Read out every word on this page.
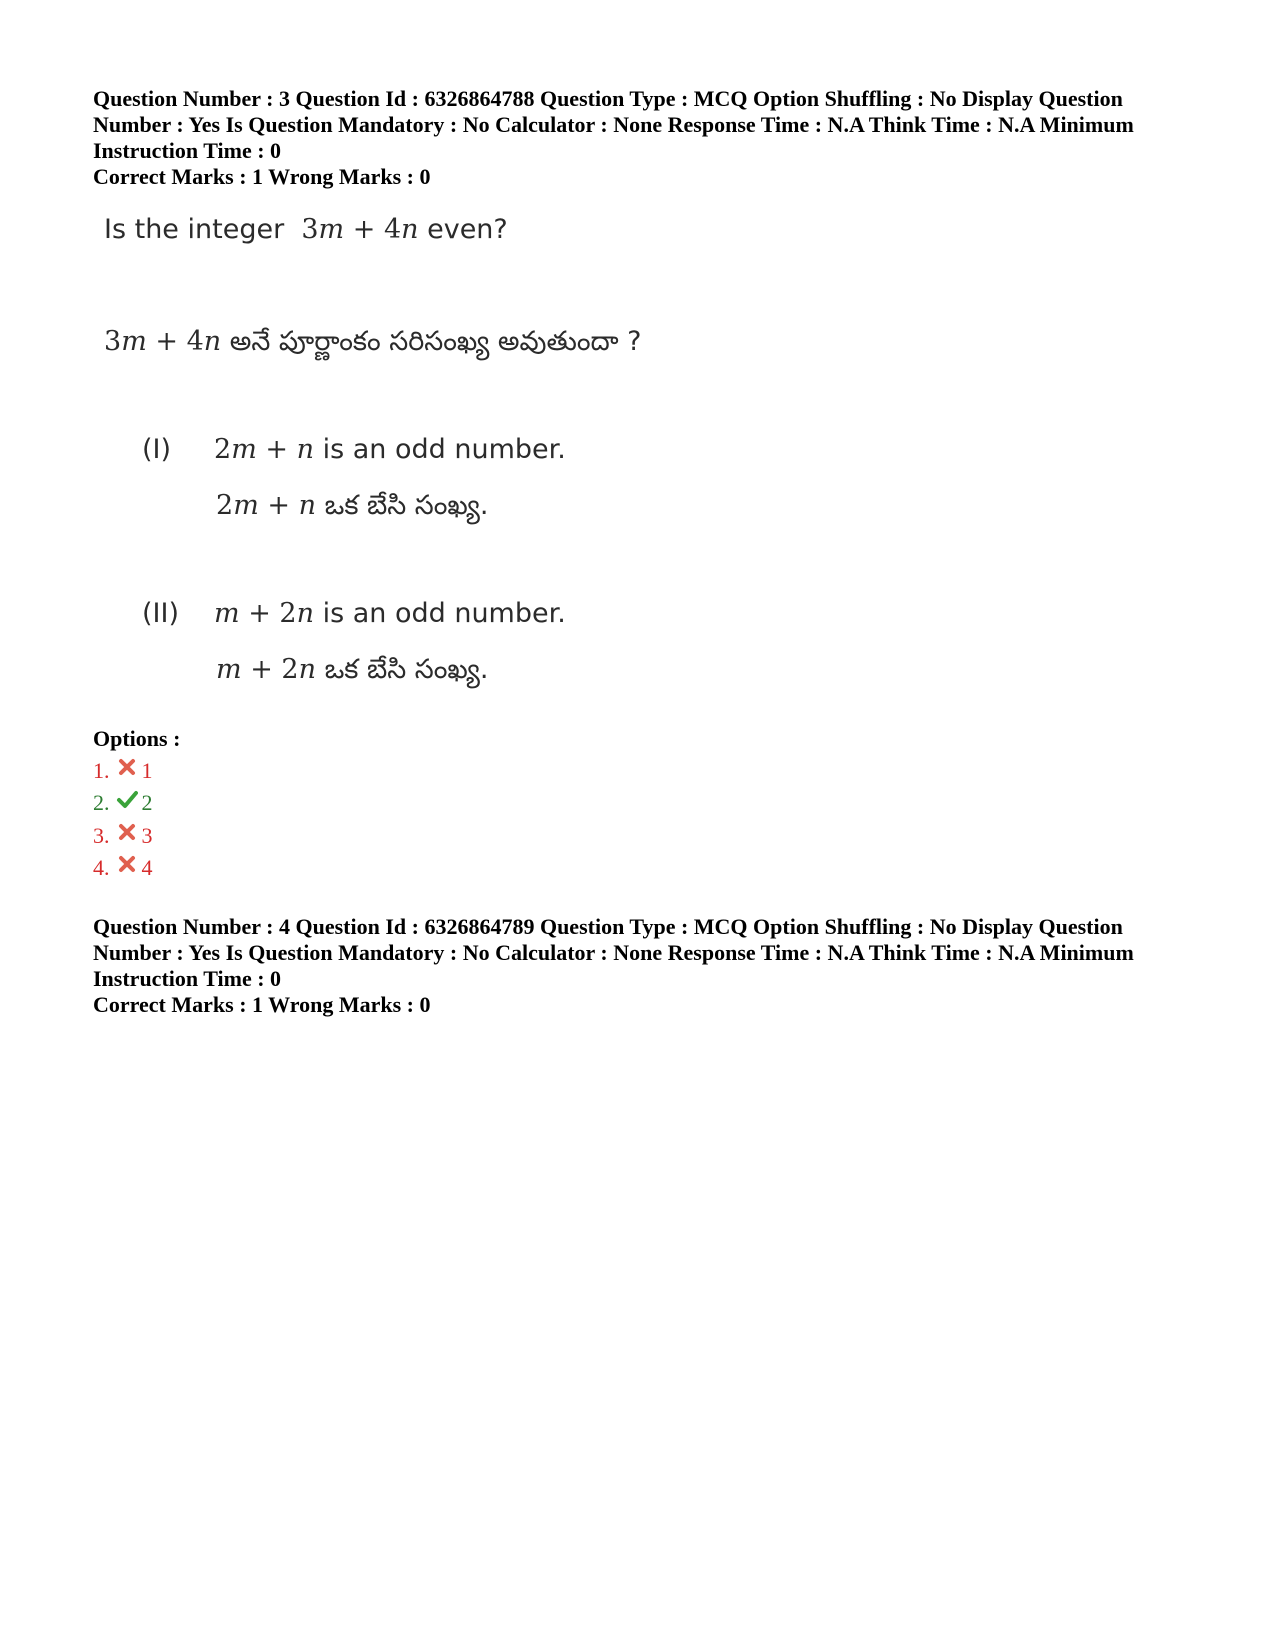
Question Number : 3 Question Id : 6326864788 Question Type : MCQ Option Shuffling : No Display Question Number : Yes Is Question Mandatory : No Calculator : None Response Time : N.A Think Time : N.A Minimum Instruction Time : 0
Correct Marks : 1 Wrong Marks : 0
Is the integer 3m + 4n even?
3m + 4n అనే పూర్ణాంకం సరిసంఖ్య అవుతుందా ?
(I) 2m + n is an odd number.
2m + n ఒక బేసి సంఖ్య.
(II) m + 2n is an odd number.
m + 2n ఒక బేసి సంఖ్య.
Options :
1. 1
2. 2
3. 3
4. 4
Question Number : 4 Question Id : 6326864789 Question Type : MCQ Option Shuffling : No Display Question Number : Yes Is Question Mandatory : No Calculator : None Response Time : N.A Think Time : N.A Minimum Instruction Time : 0
Correct Marks : 1 Wrong Marks : 0
